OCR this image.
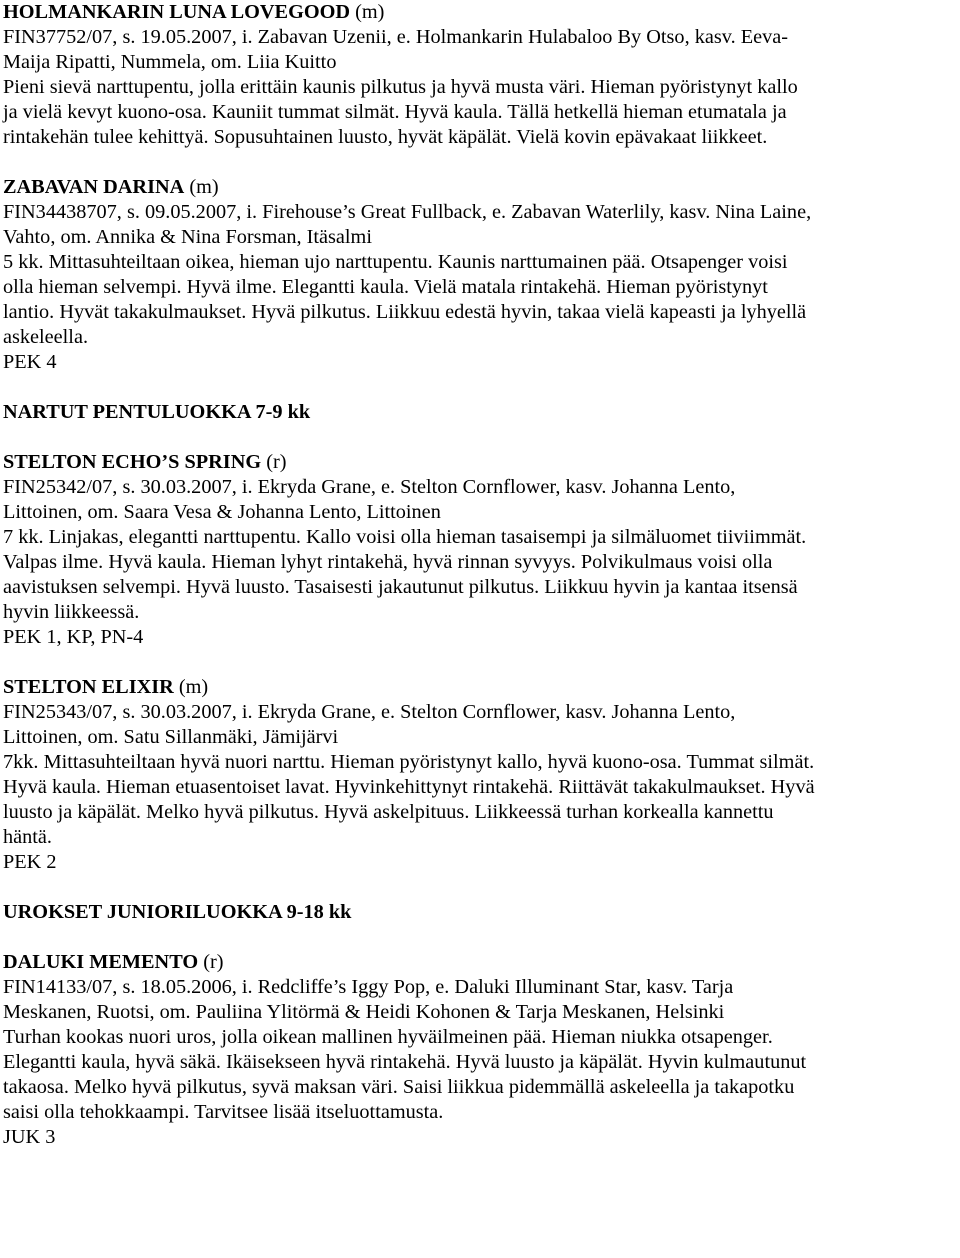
HOLMANKARIN LUNA LOVEGOOD (m)
FIN37752/07, s. 19.05.2007, i. Zabavan Uzenii, e. Holmankarin Hulabaloo By Otso, kasv. Eeva-
Maija Ripatti, Nummela, om. Liia Kuitto
Pieni sievä narttupentu, jolla erittäin kaunis pilkutus ja hyvä musta väri. Hieman pyöristynyt kallo
ja vielä kevyt kuono-osa. Kauniit tummat silmät. Hyvä kaula. Tällä hetkellä hieman etumatala ja
rintakehän tulee kehittyä. Sopusuhtainen luusto, hyvät käpälät. Vielä kovin epävakaat liikkeet.
ZABAVAN DARINA (m)
FIN34438707, s. 09.05.2007, i. Firehouse’s Great Fullback, e. Zabavan Waterlily, kasv. Nina Laine,
Vahto, om. Annika & Nina Forsman, Itäsalmi
5 kk. Mittasuhteiltaan oikea, hieman ujo narttupentu. Kaunis narttumainen pää. Otsapenger voisi
olla hieman selvempi. Hyvä ilme. Elegantti kaula. Vielä matala rintakehä. Hieman pyöristynyt
lantio. Hyvät takakulmaukset. Hyvä pilkutus. Liikkuu edestä hyvin, takaa vielä kapeasti ja lyhyellä
askeleella.
PEK 4
NARTUT PENTULUOKKA 7-9 kk
STELTON ECHO’S SPRING (r)
FIN25342/07, s. 30.03.2007, i. Ekryda Grane, e. Stelton Cornflower, kasv. Johanna Lento,
Littoinen, om. Saara Vesa & Johanna Lento, Littoinen
7 kk. Linjakas, elegantti narttupentu. Kallo voisi olla hieman tasaisempi ja silmäluomet tiiviimmät.
Valpas ilme. Hyvä kaula. Hieman lyhyt rintakehä, hyvä rinnan syvyys. Polvikulmaus voisi olla
aavistuksen selvempi. Hyvä luusto. Tasaisesti jakautunut pilkutus. Liikkuu hyvin ja kantaa itsensä
hyvin liikkeessä.
PEK 1, KP, PN-4
STELTON ELIXIR (m)
FIN25343/07, s. 30.03.2007, i. Ekryda Grane, e. Stelton Cornflower, kasv. Johanna Lento,
Littoinen, om. Satu Sillanmäki, Jämijärvi
7kk. Mittasuhteiltaan hyvä nuori narttu. Hieman pyöristynyt kallo, hyvä kuono-osa. Tummat silmät.
Hyvä kaula. Hieman etuasentoiset lavat. Hyvinkehittynyt rintakehä. Riittävät takakulmaukset. Hyvä
luusto ja käpälät. Melko hyvä pilkutus. Hyvä askelpituus. Liikkeessä turhan korkealla kannettu
häntä.
PEK 2
UROKSET JUNIORILUOKKA 9-18 kk
DALUKI MEMENTO (r)
FIN14133/07, s. 18.05.2006, i. Redcliffe’s Iggy Pop, e. Daluki Illuminant Star, kasv. Tarja
Meskanen, Ruotsi, om. Pauliina Ylitörmä & Heidi Kohonen & Tarja Meskanen, Helsinki
Turhan kookas nuori uros, jolla oikean mallinen hyväilmeinen pää. Hieman niukka otsapenger.
Elegantti kaula, hyvä säkä. Ikäisekseen hyvä rintakehä. Hyvä luusto ja käpälät. Hyvin kulmautunut
takaosa. Melko hyvä pilkutus, syvä maksan väri. Saisi liikkua pidemmällä askeleella ja takapotku
saisi olla tehokkaampi. Tarvitsee lisää itseluottamusta.
JUK 3
